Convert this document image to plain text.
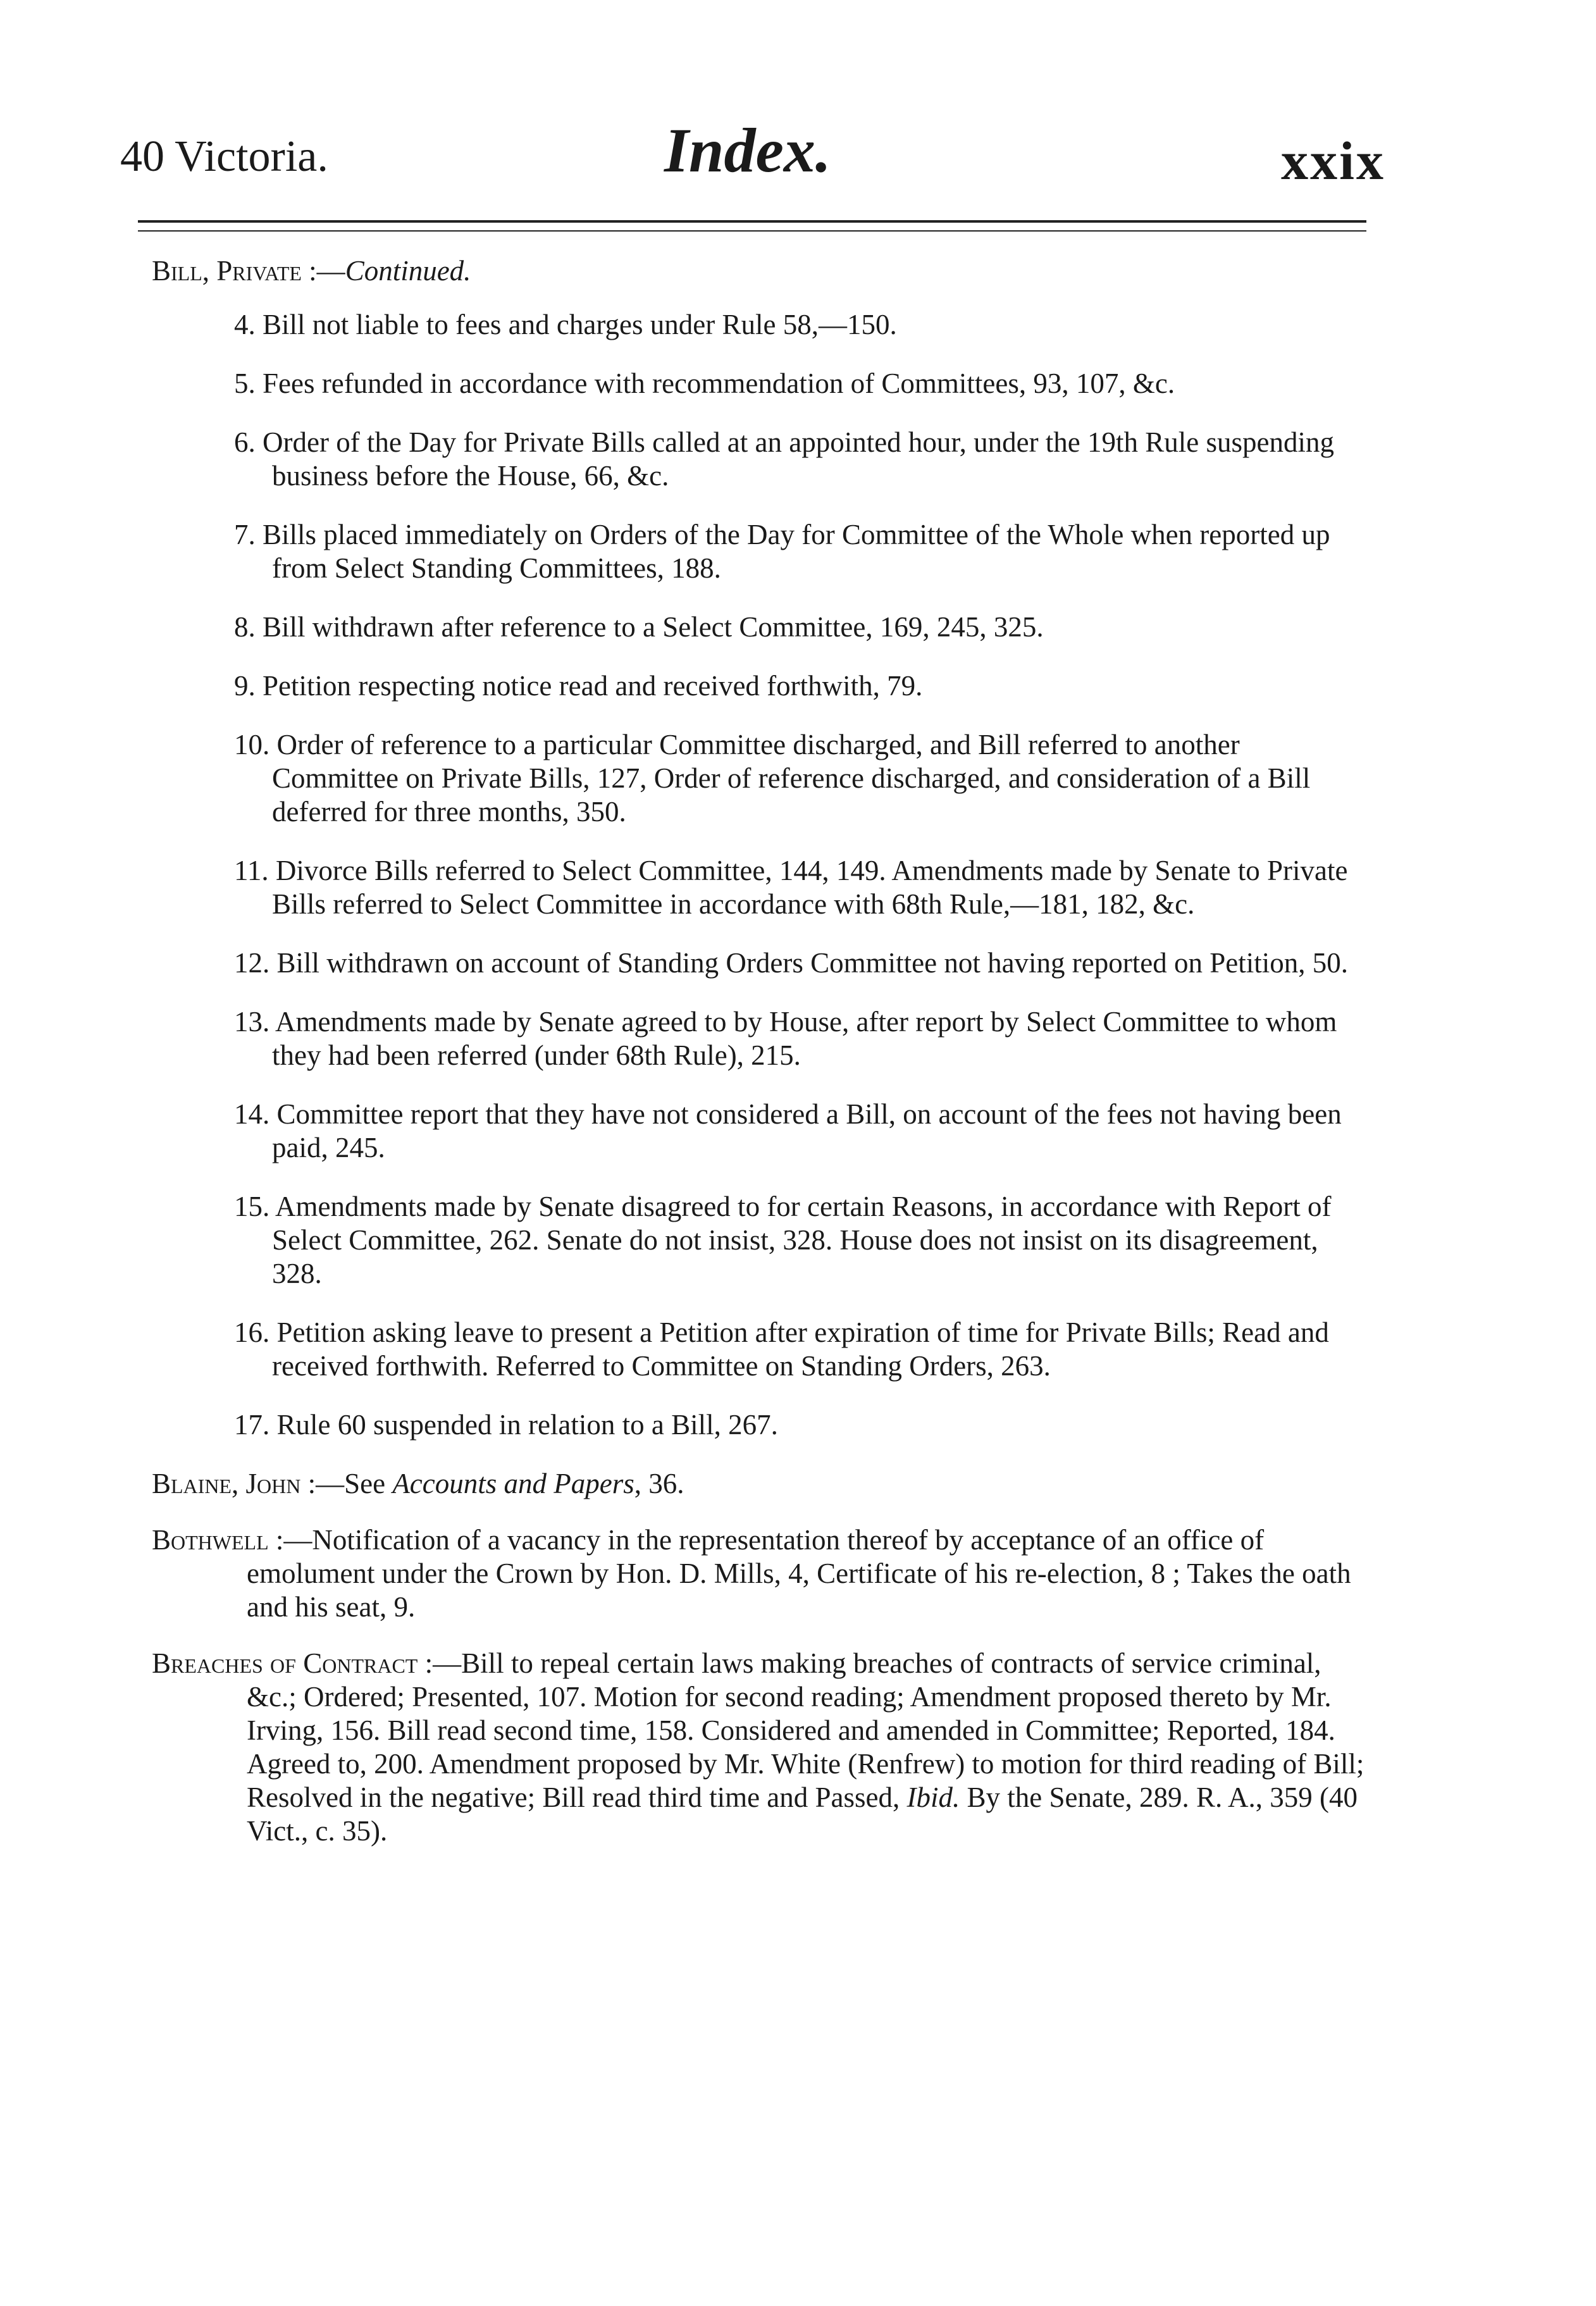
40 Victoria.	Index.	xxix

Bill, Private :—Continued.

4. Bill not liable to fees and charges under Rule 58,—150.

5. Fees refunded in accordance with recommendation of Committees, 93, 107, &c.

6. Order of the Day for Private Bills called at an appointed hour, under the 19th Rule suspending business before the House, 66, &c.

7. Bills placed immediately on Orders of the Day for Committee of the Whole when reported up from Select Standing Committees, 188.

8. Bill withdrawn after reference to a Select Committee, 169, 245, 325.

9. Petition respecting notice read and received forthwith, 79.

10. Order of reference to a particular Committee discharged, and Bill referred to another Committee on Private Bills, 127, Order of reference discharged, and consideration of a Bill deferred for three months, 350.

11. Divorce Bills referred to Select Committee, 144, 149. Amendments made by Senate to Private Bills referred to Select Committee in accordance with 68th Rule,—181, 182, &c.

12. Bill withdrawn on account of Standing Orders Committee not having reported on Petition, 50.

13. Amendments made by Senate agreed to by House, after report by Select Committee to whom they had been referred (under 68th Rule), 215.

14. Committee report that they have not considered a Bill, on account of the fees not having been paid, 245.

15. Amendments made by Senate disagreed to for certain Reasons, in accordance with Report of Select Committee, 262. Senate do not insist, 328. House does not insist on its disagreement, 328.

16. Petition asking leave to present a Petition after expiration of time for Private Bills; Read and received forthwith. Referred to Committee on Standing Orders, 263.

17. Rule 60 suspended in relation to a Bill, 267.

Blaine, John :—See Accounts and Papers, 36.

Bothwell :—Notification of a vacancy in the representation thereof by acceptance of an office of emolument under the Crown by Hon. D. Mills, 4, Certificate of his re-election, 8 ; Takes the oath and his seat, 9.

Breaches of Contract :—Bill to repeal certain laws making breaches of contracts of service criminal, &c.; Ordered; Presented, 107. Motion for second reading; Amendment proposed thereto by Mr. Irving, 156. Bill read second time, 158. Considered and amended in Committee; Reported, 184. Agreed to, 200. Amendment proposed by Mr. White (Renfrew) to motion for third reading of Bill; Resolved in the negative; Bill read third time and Passed, Ibid. By the Senate, 289. R. A., 359 (40 Vict., c. 35).
